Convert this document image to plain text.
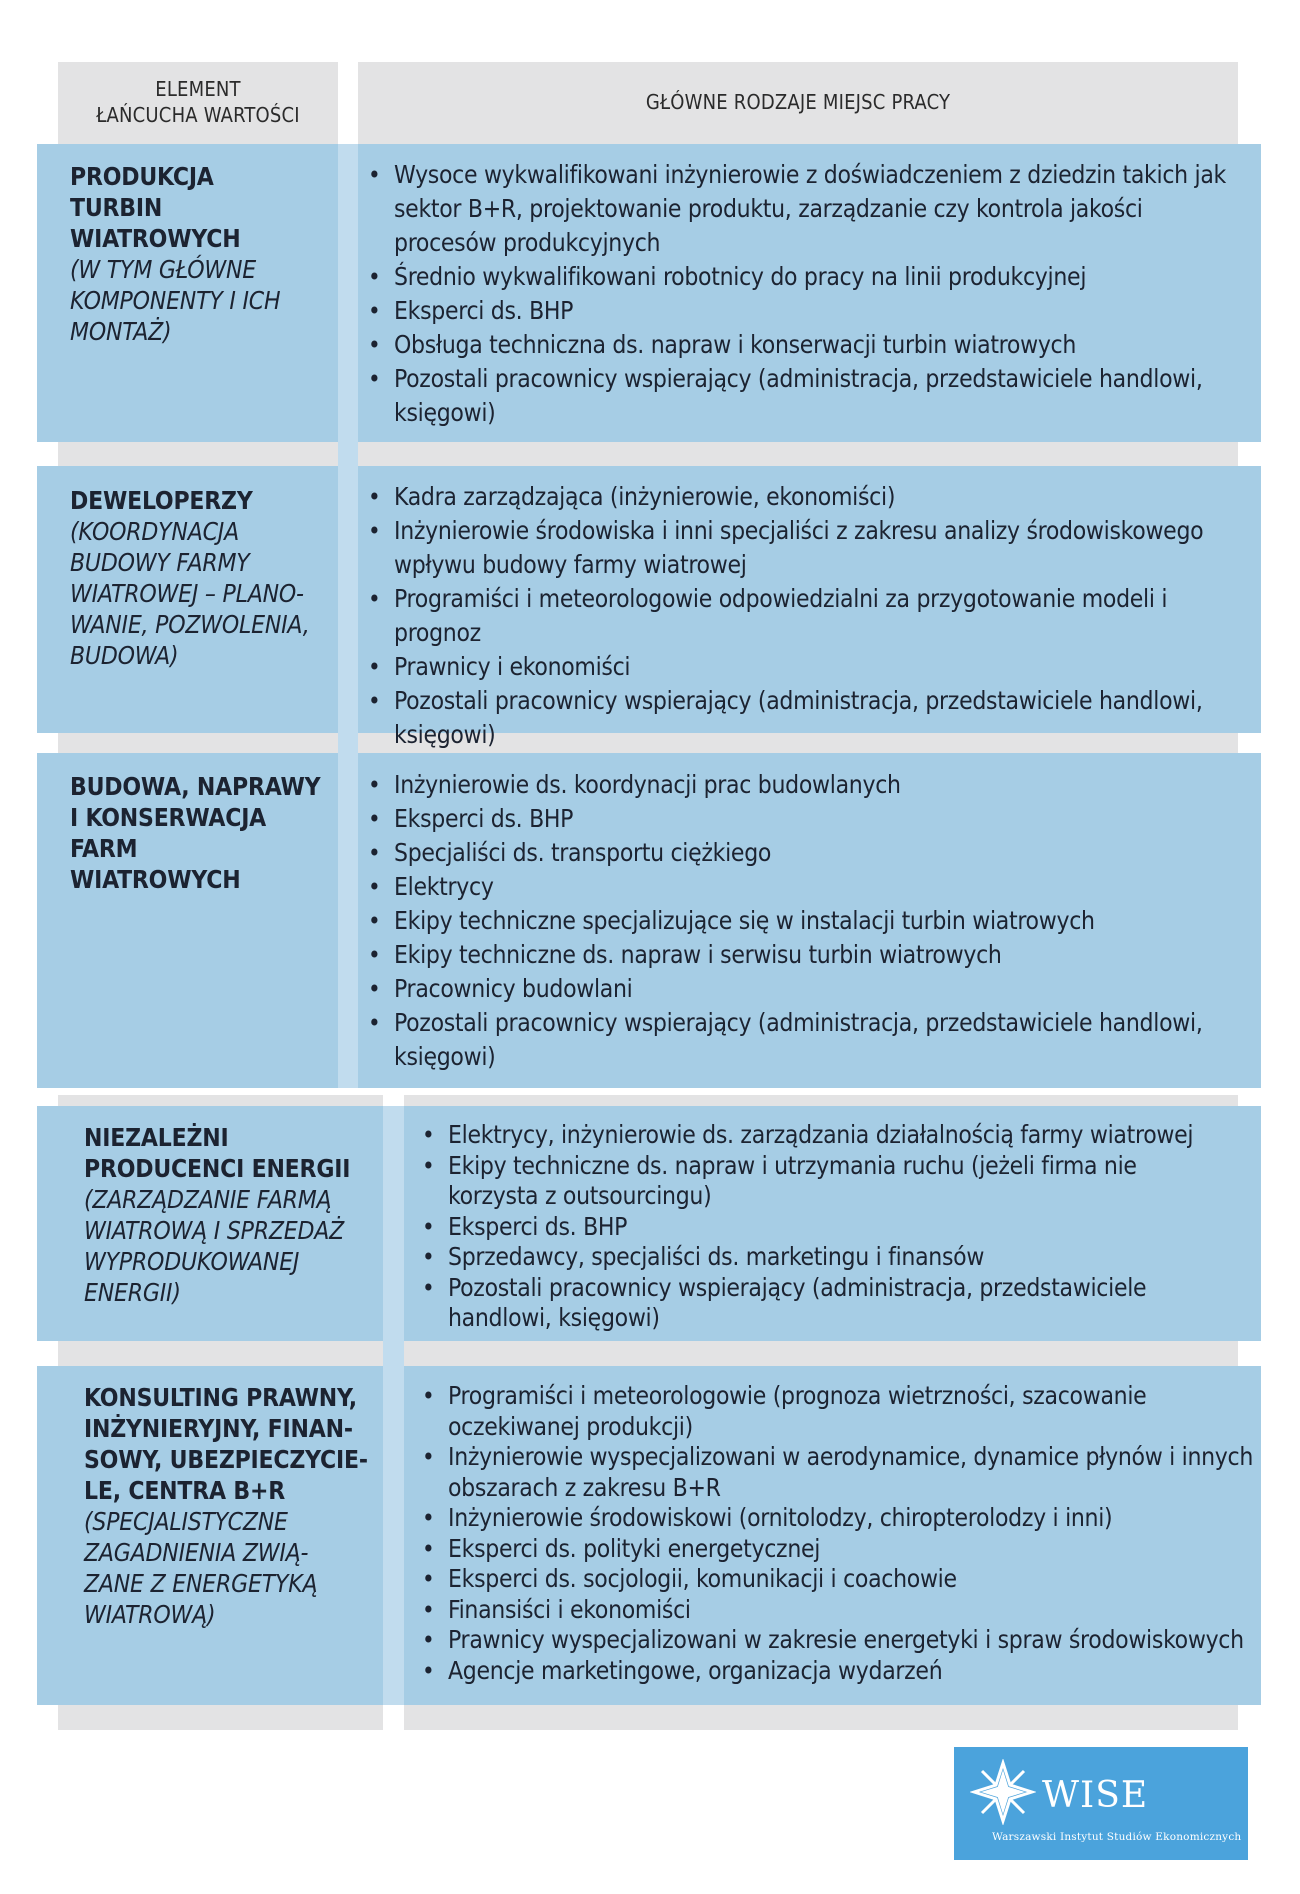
ELEMENT
ŁAŃCUCHA WARTOŚCI
GŁÓWNE RODZAJE MIEJSC PRACY
PRODUKCJA
TURBIN WIATROWYCH
(W TYM GŁÓWNE
KOMPONENTY I ICH
MONTAŻ)
• Wysoce wykwalifikowani inżynierowie z doświadczeniem z dziedzin takich jak sektor B+R, projektowanie produktu, zarządzanie czy kontrola jakości procesów produkcyjnych
• Średnio wykwalifikowani robotnicy do pracy na linii produkcyjnej
• Eksperci ds. BHP
• Obsługa techniczna ds. napraw i konserwacji turbin wiatrowych
• Pozostali pracownicy wspierający (administracja, przedstawiciele handlowi, księgowi)
DEWELOPERZY
(KOORDYNACJA
BUDOWY FARMY
WIATROWEJ – PLANO-
WANIE, POZWOLENIA,
BUDOWA)
• Kadra zarządzająca (inżynierowie, ekonomiści)
• Inżynierowie środowiska i inni specjaliści z zakresu analizy środowiskowego wpływu budowy farmy wiatrowej
• Programiści i meteorologowie odpowiedzialni za przygotowanie modeli i prognoz
• Prawnicy i ekonomiści
• Pozostali pracownicy wspierający (administracja, przedstawiciele handlowi, księgowi)
BUDOWA, NAPRAWY
I KONSERWACJA FARM
WIATROWYCH
• Inżynierowie ds. koordynacji prac budowlanych
• Eksperci ds. BHP
• Specjaliści ds. transportu ciężkiego
• Elektrycy
• Ekipy techniczne specjalizujące się w instalacji turbin wiatrowych
• Ekipy techniczne ds. napraw i serwisu turbin wiatrowych
• Pracownicy budowlani
• Pozostali pracownicy wspierający (administracja, przedstawiciele handlowi, księgowi)
NIEZALEŻNI
PRODUCENCI ENERGII
(ZARZĄDZANIE FARMĄ
WIATROWĄ I SPRZEDAŻ
WYPRODUKOWANEJ
ENERGII)
• Elektrycy, inżynierowie ds. zarządzania działalnością farmy wiatrowej
• Ekipy techniczne ds. napraw i utrzymania ruchu (jeżeli firma nie korzysta z outsourcingu)
• Eksperci ds. BHP
• Sprzedawcy, specjaliści ds. marketingu i finansów
• Pozostali pracownicy wspierający (administracja, przedstawiciele handlowi, księgowi)
KONSULTING PRAWNY,
INŻYNIERYJNY, FINAN-
SOWY, UBEZPIECZYCIE-
LE, CENTRA B+R
(SPECJALISTYCZNE
ZAGADNIENIA ZWIĄ-
ZANE Z ENERGETYKĄ
WIATROWĄ)
• Programiści i meteorologowie (prognoza wietrzności, szacowanie oczekiwanej produkcji)
• Inżynierowie wyspecjalizowani w aerodynamice, dynamice płynów i innych obszarach z zakresu B+R
• Inżynierowie środowiskowi (ornitolodzy, chiropterolodzy i inni)
• Eksperci ds. polityki energetycznej
• Eksperci ds. socjologii, komunikacji i coachowie
• Finansiści i ekonomiści
• Prawnicy wyspecjalizowani w zakresie energetyki i spraw środowiskowych
• Agencje marketingowe, organizacja wydarzeń
WISE
Warszawski Instytut Studiów Ekonomicznych
